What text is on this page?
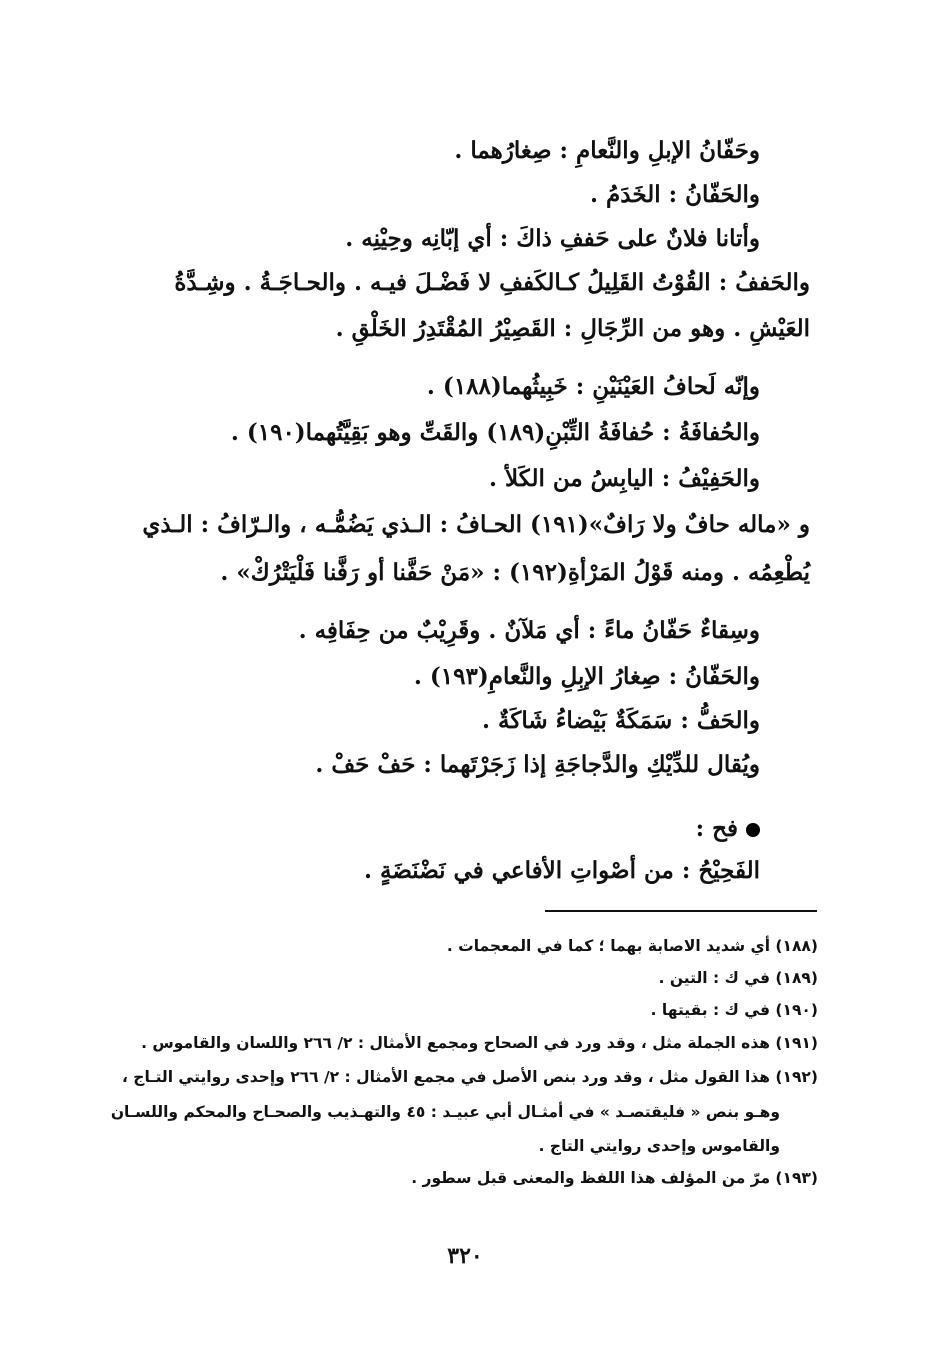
وحَفّانُ الإبلِ والنَّعامِ : صِغارُهما .
والحَفّانُ : الخَدَمُ .
وأتانا فلانٌ على حَففِ ذاكَ : أي إبّانِه وحِيْنِه .
والحَففُ : القُوْتُ القَلِيلُ كـالكَففِ لا فَضْـلَ فيـه . والحـاجَـةُ . وشِـدَّةُ
العَيْشِ . وهو من الرِّجَالِ : القَصِيْرُ المُقْتَدِرُ الخَلْقِ .
وإنّه لَحافُ العَيْنَيْنِ : خَبِيثُهما(١٨٨) .
والحُفافَةُ : حُفافَةُ التِّبْنِ(١٨٩) والقَتِّ وهو بَقِيَّتُهما(١٩٠) .
والحَفِيْفُ : اليابِسُ من الكَلأ .
و «ماله حافٌ ولا رَافٌ»(١٩١) الحـافُ : الـذي يَضُمُّـه ، والـرّافُ : الـذي
يُطْعِمُه . ومنه قَوْلُ المَرْأةِ(١٩٢) : «مَنْ حَفَّنا أو رَفَّنا فَلْيَتْرُكْ» .
وسِقاءٌ حَفّانُ ماءً : أي مَلآنٌ . وقَرِيْبٌ من حِفَافِه .
والحَفّانُ : صِغارُ الإبِلِ والنَّعامِ(١٩٣) .
والحَفُّ : سَمَكَةٌ بَيْضاءُ شَاكَةٌ .
ويُقال للدِّيْكِ والدَّجاجَةِ إذا زَجَرْتَهما : حَفْ حَفْ .
فح :
الفَحِيْحُ : من أصْواتِ الأفاعي في نَضْنَضَةٍ .
(١٨٨) أي شديد الاصابة بهما ؛ كما في المعجمات .
(١٨٩) في ك : التين .
(١٩٠) في ك : بقيتها .
(١٩١) هذه الجملة مثل ، وقد ورد في الصحاح ومجمع الأمثال : ٢/ ٢٦٦ واللسان والقاموس .
(١٩٢) هذا القول مثل ، وقد ورد بنص الأصل في مجمع الأمثال : ٢/ ٢٦٦ وإحدى روايتي التـاج ،
وهـو بنص « فليقتصـد » في أمثـال أبي عبيـد : ٤٥ والتهـذيب والصحـاح والمحكم واللسـان
والقاموس وإحدى روايتي التاج .
(١٩٣) مرّ من المؤلف هذا اللفظ والمعنى قبل سطور .
٣٢٠
